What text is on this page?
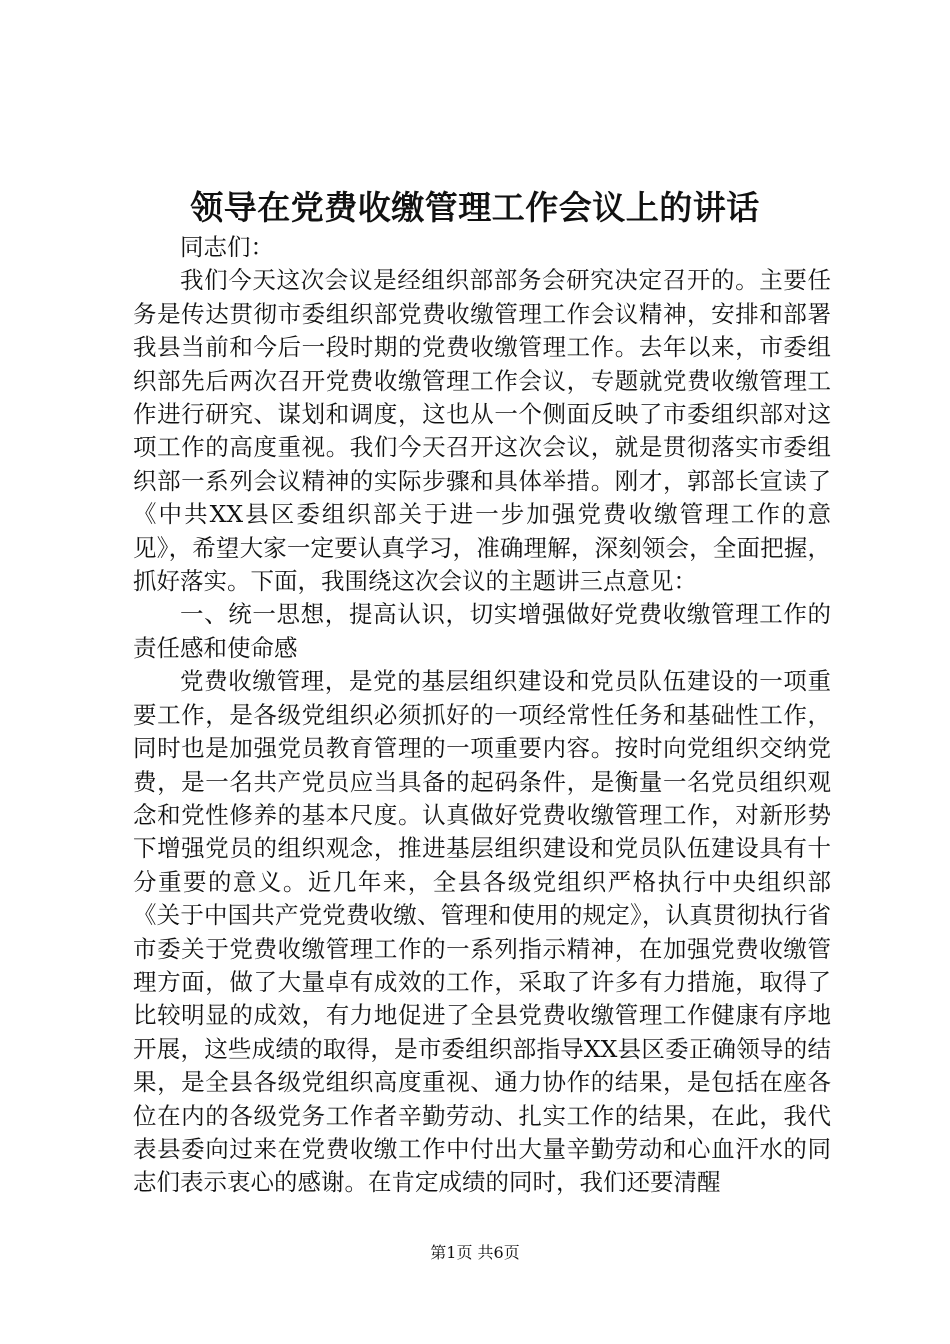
领导在党费收缴管理工作会议上的讲话

同志们：

我们今天这次会议是经组织部部务会研究决定召开的。主要任务是传达贯彻市委组织部党费收缴管理工作会议精神，安排和部署我县当前和今后一段时期的党费收缴管理工作。去年以来，市委组织部先后两次召开党费收缴管理工作会议，专题就党费收缴管理工作进行研究、谋划和调度，这也从一个侧面反映了市委组织部对这项工作的高度重视。我们今天召开这次会议，就是贯彻落实市委组织部一系列会议精神的实际步骤和具体举措。刚才，郭部长宣读了《中共XX县区委组织部关于进一步加强党费收缴管理工作的意见》，希望大家一定要认真学习，准确理解，深刻领会，全面把握，抓好落实。下面，我围绕这次会议的主题讲三点意见：

一、统一思想，提高认识，切实增强做好党费收缴管理工作的责任感和使命感

党费收缴管理，是党的基层组织建设和党员队伍建设的一项重要工作，是各级党组织必须抓好的一项经常性任务和基础性工作，同时也是加强党员教育管理的一项重要内容。按时向党组织交纳党费，是一名共产党员应当具备的起码条件，是衡量一名党员组织观念和党性修养的基本尺度。认真做好党费收缴管理工作，对新形势下增强党员的组织观念，推进基层组织建设和党员队伍建设具有十分重要的意义。近几年来，全县各级党组织严格执行中央组织部《关于中国共产党党费收缴、管理和使用的规定》，认真贯彻执行省市委关于党费收缴管理工作的一系列指示精神，在加强党费收缴管理方面，做了大量卓有成效的工作，采取了许多有力措施，取得了比较明显的成效，有力地促进了全县党费收缴管理工作健康有序地开展，这些成绩的取得，是市委组织部指导XX县区委正确领导的结果，是全县各级党组织高度重视、通力协作的结果，是包括在座各位在内的各级党务工作者辛勤劳动、扎实工作的结果，在此，我代表县委向过来在党费收缴工作中付出大量辛勤劳动和心血汗水的同志们表示衷心的感谢。在肯定成绩的同时，我们还要清醒

第1页 共6页
